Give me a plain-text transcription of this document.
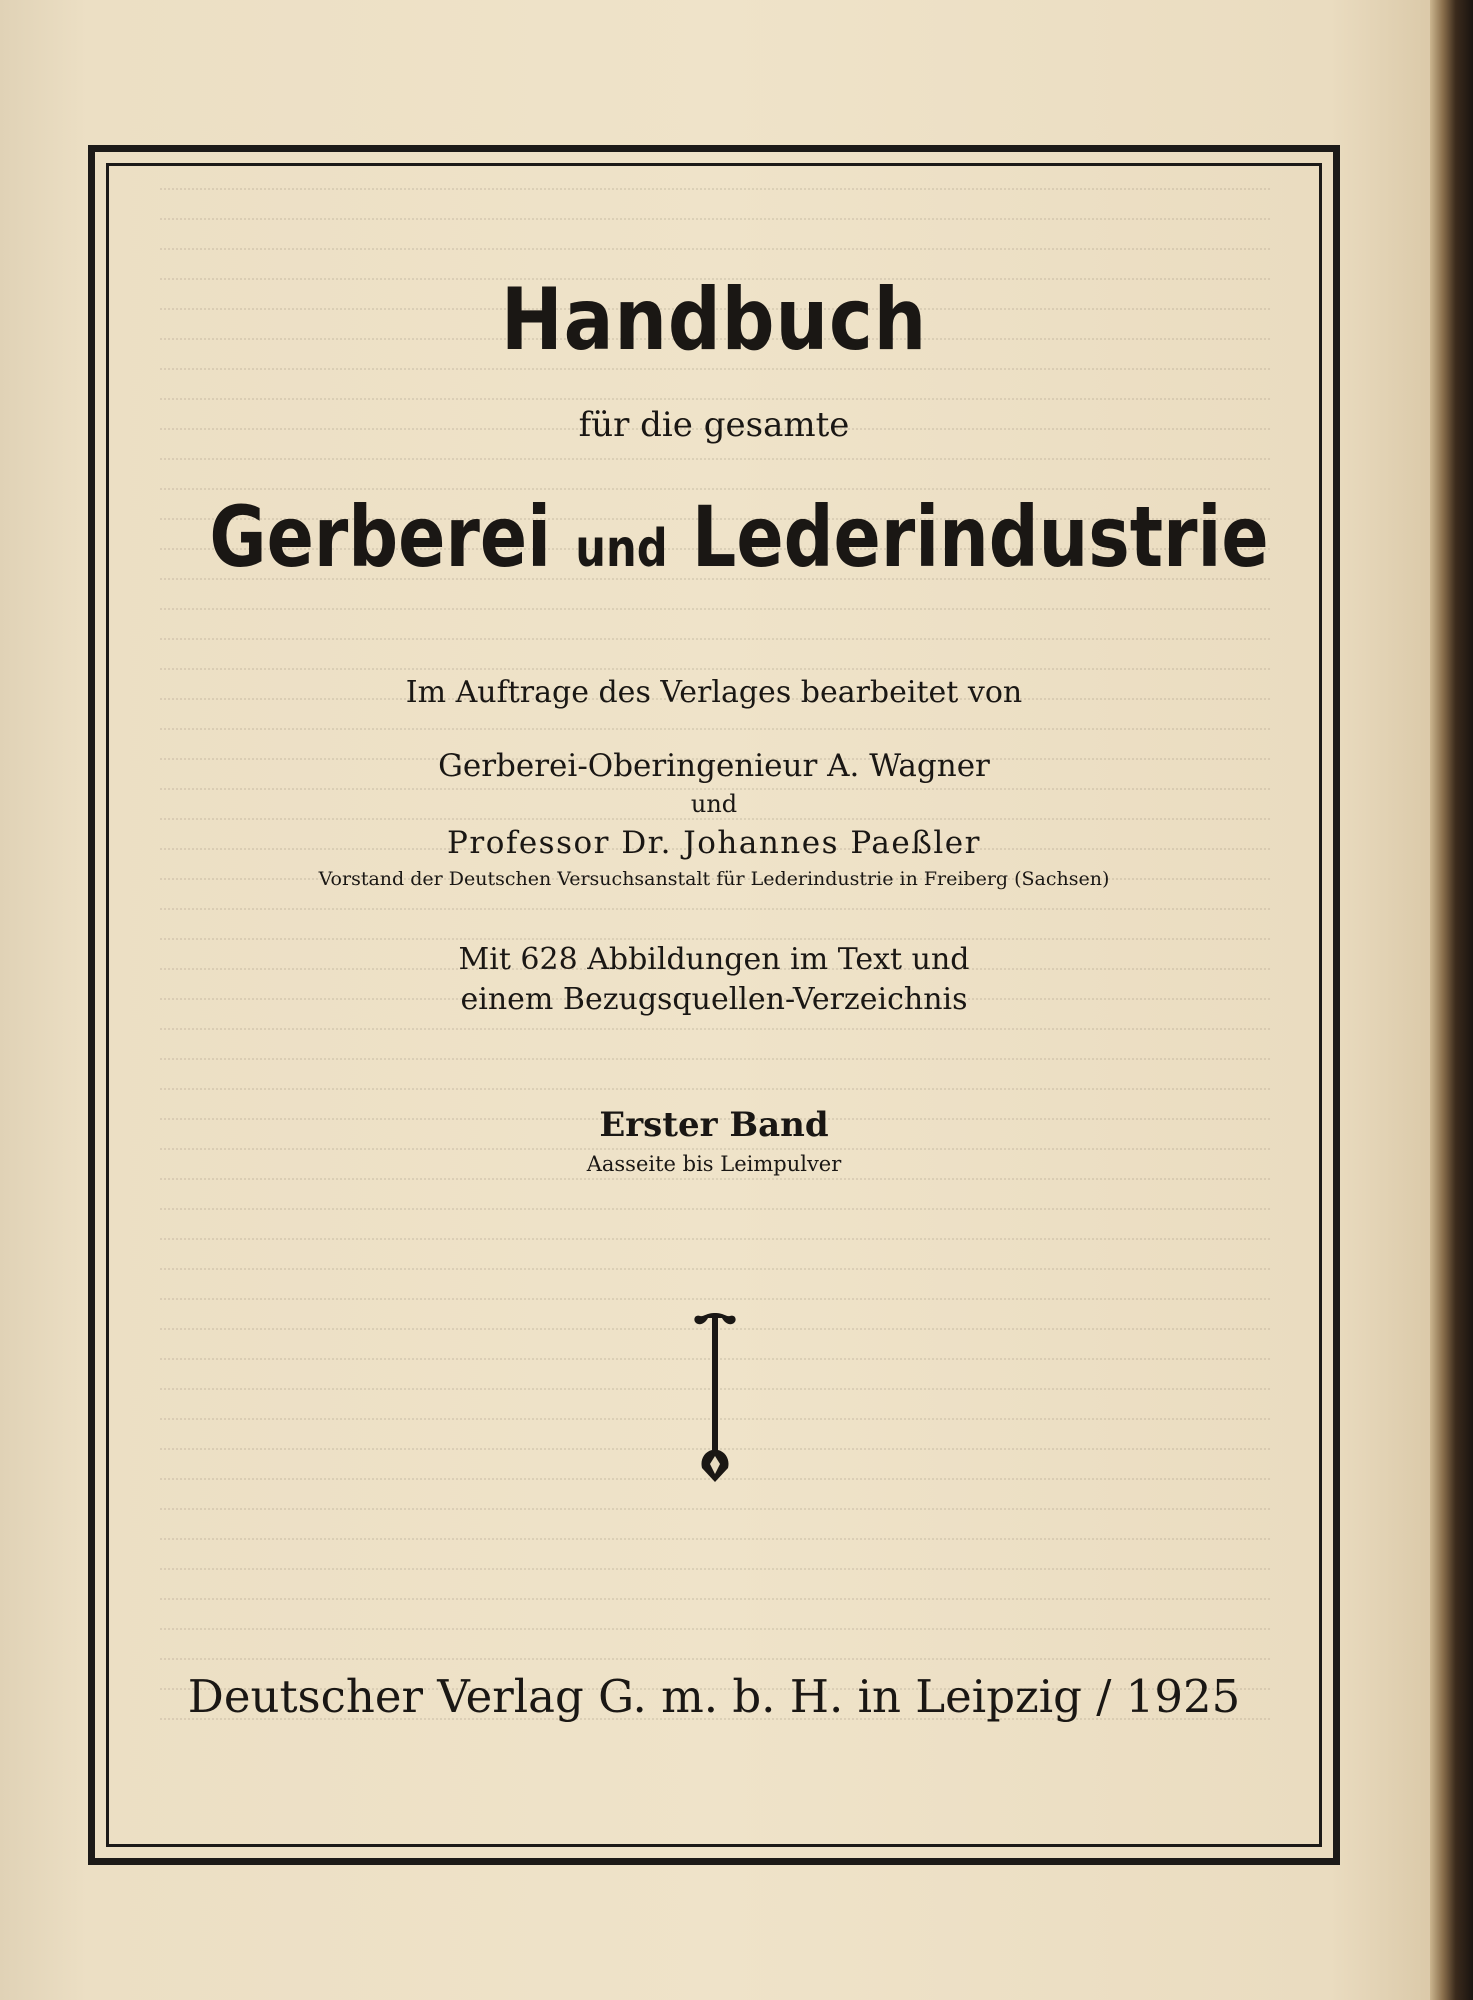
Handbuch
für die gesamte
Gerberei und Lederindustrie
Im Auftrage des Verlages bearbeitet von
Gerberei-Oberingenieur A. Wagner
und
Professor Dr. Johannes Paeßler
Vorstand der Deutschen Versuchsanstalt für Lederindustrie in Freiberg (Sachsen)
Mit 628 Abbildungen im Text und
einem Bezugsquellen-Verzeichnis
Erster Band
Aasseite bis Leimpulver
Deutscher Verlag G. m. b. H. in Leipzig / 1925
